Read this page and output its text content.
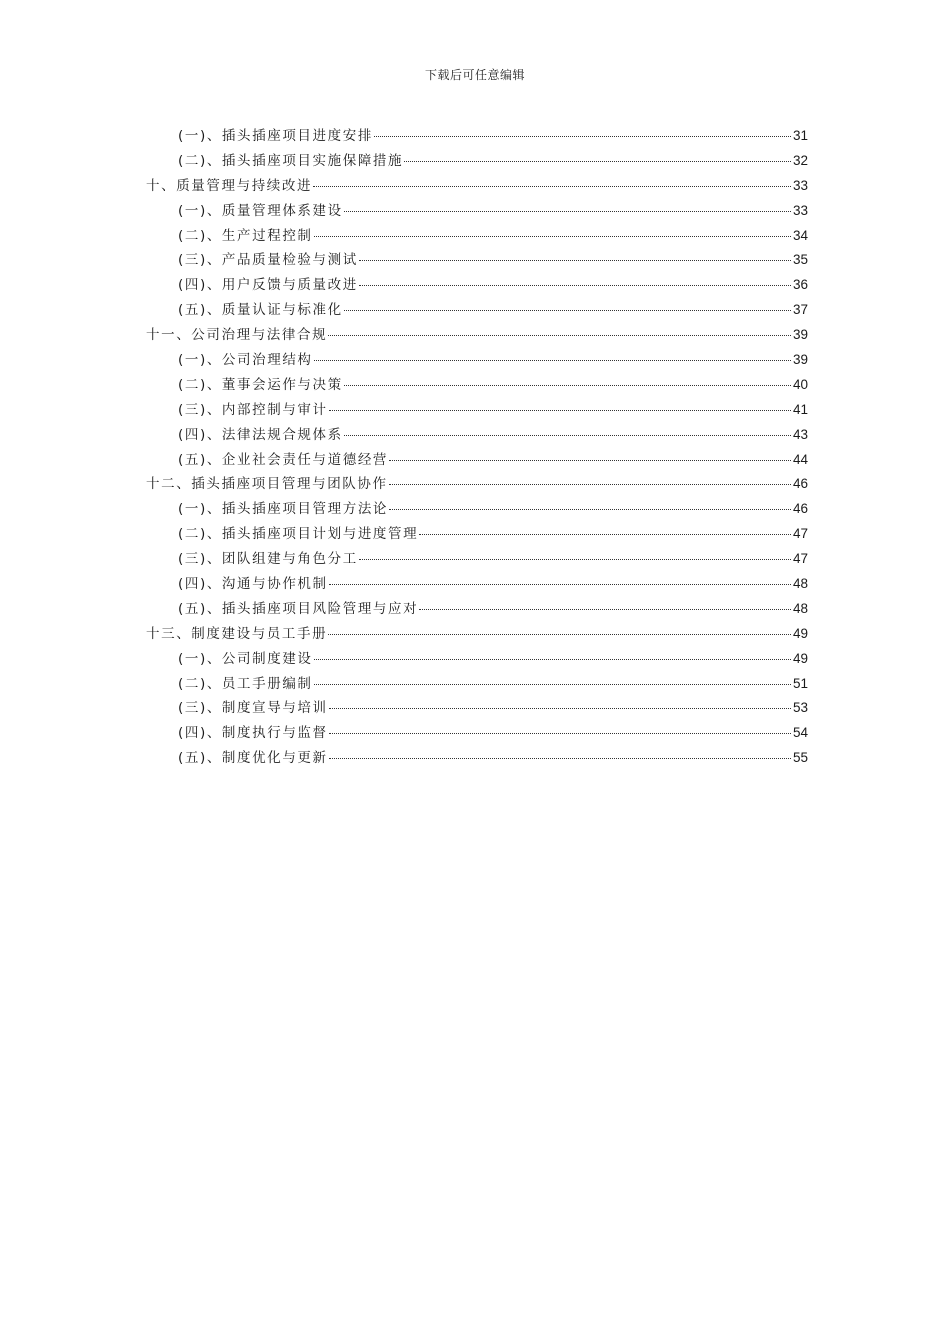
下载后可任意编辑
(一)、插头插座项目进度安排	31
(二)、插头插座项目实施保障措施	32
十、质量管理与持续改进	33
(一)、质量管理体系建设	33
(二)、生产过程控制	34
(三)、产品质量检验与测试	35
(四)、用户反馈与质量改进	36
(五)、质量认证与标准化	37
十一、公司治理与法律合规	39
(一)、公司治理结构	39
(二)、董事会运作与决策	40
(三)、内部控制与审计	41
(四)、法律法规合规体系	43
(五)、企业社会责任与道德经营	44
十二、插头插座项目管理与团队协作	46
(一)、插头插座项目管理方法论	46
(二)、插头插座项目计划与进度管理	47
(三)、团队组建与角色分工	47
(四)、沟通与协作机制	48
(五)、插头插座项目风险管理与应对	48
十三、制度建设与员工手册	49
(一)、公司制度建设	49
(二)、员工手册编制	51
(三)、制度宣导与培训	53
(四)、制度执行与监督	54
(五)、制度优化与更新	55
